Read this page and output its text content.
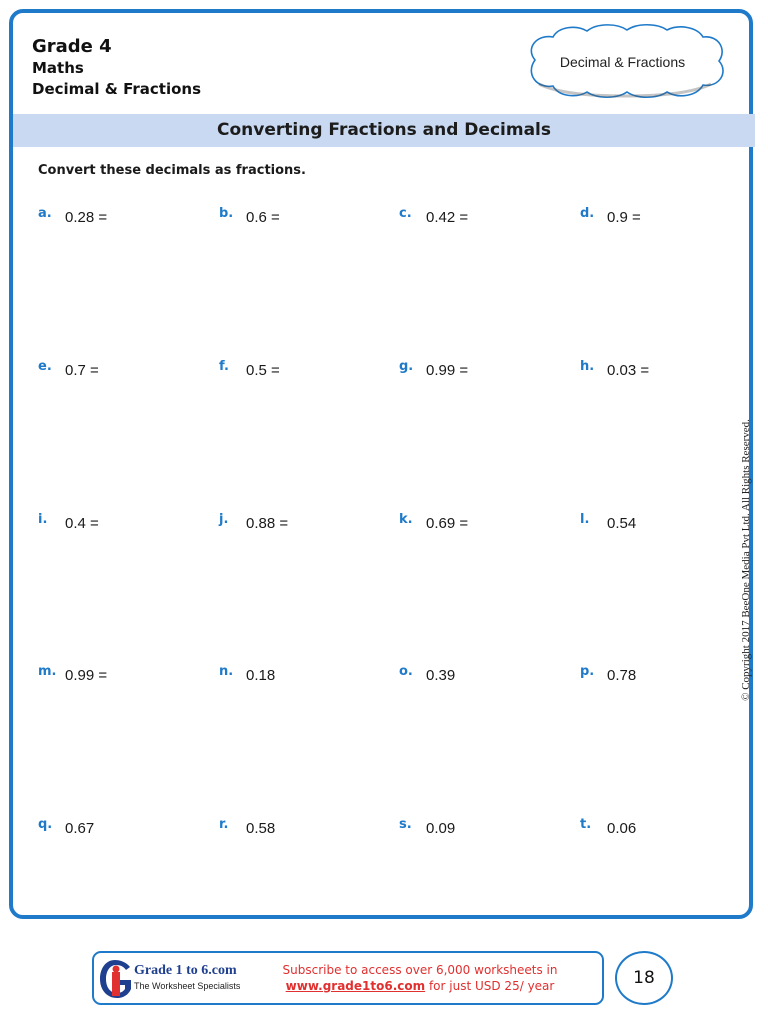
Grade 4
Maths
Decimal & Fractions
Decimal & Fractions
Converting Fractions and Decimals
Convert these decimals as fractions.
a. 0.28 =	b. 0.6 =	c. 0.42 =	d. 0.9 =
e. 0.7 =	f. 0.5 =	g. 0.99 =	h. 0.03 =
i. 0.4 =	j. 0.88 =	k. 0.69 =	l. 0.54
m. 0.99 =	n. 0.18	o. 0.39	p. 0.78
q. 0.67	r. 0.58	s. 0.09	t. 0.06
© Copyright 2017 BeeOne Media Pvt Ltd. All Rights Reserved.
Grade 1 to 6.com
The Worksheet Specialists
Subscribe to access over 6,000 worksheets in
www.grade1to6.com for just USD 25/ year	18
